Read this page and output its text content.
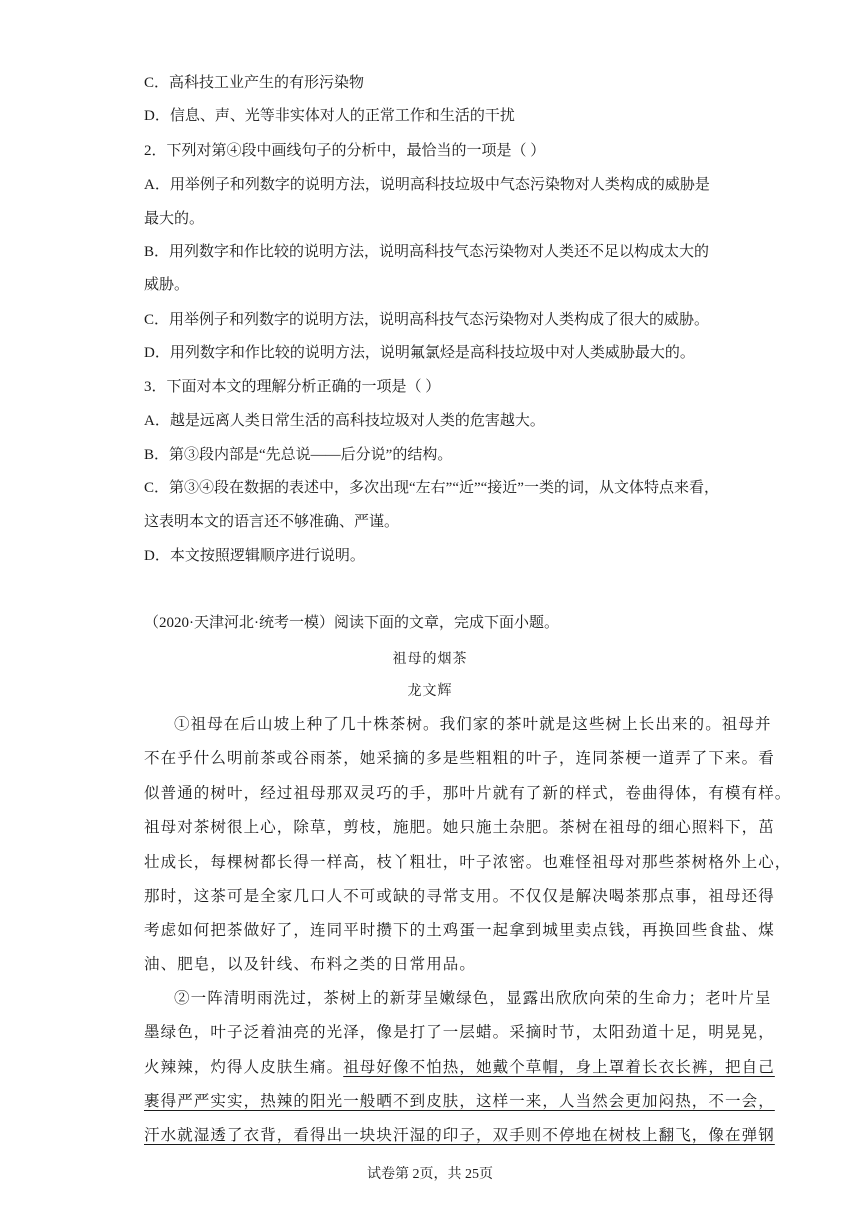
C．高科技工业产生的有形污染物
D．信息、声、光等非实体对人的正常工作和生活的干扰
2．下列对第④段中画线句子的分析中，最恰当的一项是（ ）
A．用举例子和列数字的说明方法，说明高科技垃圾中气态污染物对人类构成的威胁是
最大的。
B．用列数字和作比较的说明方法，说明高科技气态污染物对人类还不足以构成太大的
威胁。
C．用举例子和列数字的说明方法，说明高科技气态污染物对人类构成了很大的威胁。
D．用列数字和作比较的说明方法，说明氟氯烃是高科技垃圾中对人类威胁最大的。
3．下面对本文的理解分析正确的一项是（ ）
A．越是远离人类日常生活的高科技垃圾对人类的危害越大。
B．第③段内部是“先总说——后分说”的结构。
C．第③④段在数据的表述中，多次出现“左右”“近”“接近”一类的词，从文体特点来看，
这表明本文的语言还不够准确、严谨。
D．本文按照逻辑顺序进行说明。
（2020·天津河北·统考一模）阅读下面的文章，完成下面小题。
祖母的烟茶
龙文辉
①祖母在后山坡上种了几十株茶树。我们家的茶叶就是这些树上长出来的。祖母并
不在乎什么明前茶或谷雨茶，她采摘的多是些粗粗的叶子，连同茶梗一道弄了下来。看
似普通的树叶，经过祖母那双灵巧的手，那叶片就有了新的样式，卷曲得体，有模有样。
祖母对茶树很上心，除草，剪枝，施肥。她只施土杂肥。茶树在祖母的细心照料下，茁
壮成长，每棵树都长得一样高，枝丫粗壮，叶子浓密。也难怪祖母对那些茶树格外上心，
那时，这茶可是全家几口人不可或缺的寻常支用。不仅仅是解决喝茶那点事，祖母还得
考虑如何把茶做好了，连同平时攒下的土鸡蛋一起拿到城里卖点钱，再换回些食盐、煤
油、肥皂，以及针线、布料之类的日常用品。
②一阵清明雨洗过，茶树上的新芽呈嫩绿色，显露出欣欣向荣的生命力；老叶片呈
墨绿色，叶子泛着油亮的光泽，像是打了一层蜡。采摘时节，太阳劲道十足，明晃晃，
火辣辣，灼得人皮肤生痛。祖母好像不怕热，她戴个草帽，身上罩着长衣长裤，把自己
裹得严严实实，热辣的阳光一般晒不到皮肤，这样一来，人当然会更加闷热，不一会，
汗水就湿透了衣背，看得出一块块汗湿的印子，双手则不停地在树枝上翻飞，像在弹钢
试卷第 2页，共 25页
